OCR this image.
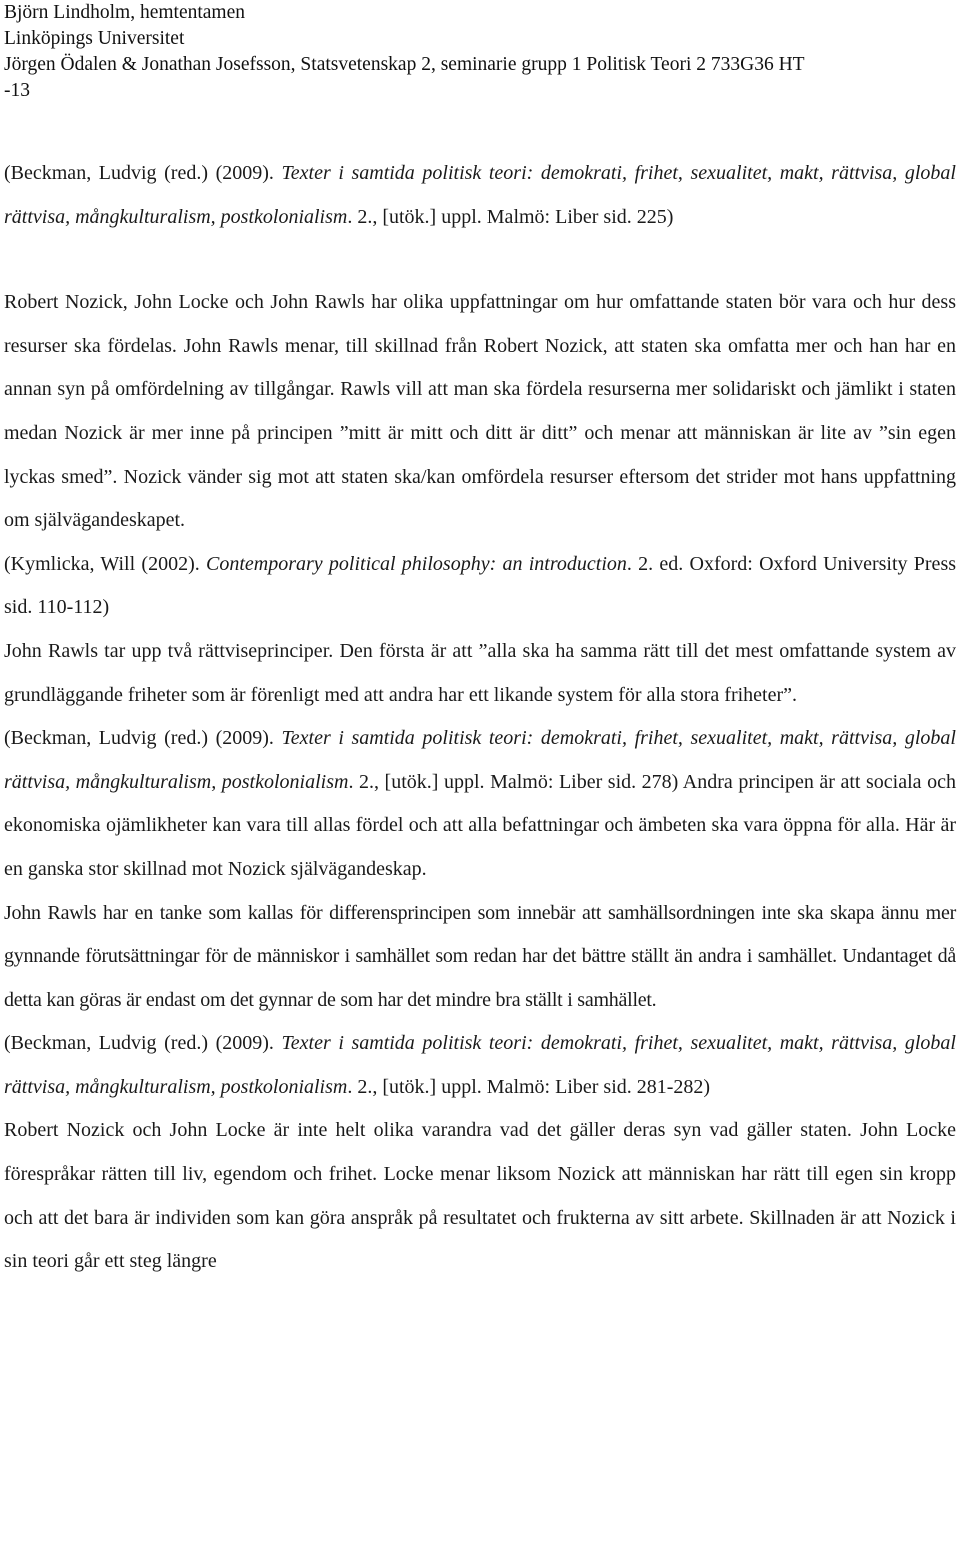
Björn Lindholm, hemtentamen
Linköpings Universitet
Jörgen Ödalen & Jonathan Josefsson, Statsvetenskap 2, seminarie grupp 1 Politisk Teori 2 733G36 HT
-13

(Beckman, Ludvig (red.) (2009). Texter i samtida politisk teori: demokrati, frihet, sexualitet, makt, rättvisa, global rättvisa, mångkulturalism, postkolonialism. 2., [utök.] uppl. Malmö: Liber sid. 225)

Robert Nozick, John Locke och John Rawls har olika uppfattningar om hur omfattande staten bör vara och hur dess resurser ska fördelas. John Rawls menar, till skillnad från Robert Nozick, att staten ska omfatta mer och han har en annan syn på omfördelning av tillgångar. Rawls vill att man ska fördela resurserna mer solidariskt och jämlikt i staten medan Nozick är mer inne på principen ”mitt är mitt och ditt är ditt” och menar att människan är lite av ”sin egen lyckas smed”. Nozick vänder sig mot att staten ska/kan omfördela resurser eftersom det strider mot hans uppfattning om självägandeskapet.

(Kymlicka, Will (2002). Contemporary political philosophy: an introduction. 2. ed. Oxford: Oxford University Press sid. 110-112)

John Rawls tar upp två rättviseprinciper. Den första är att ”alla ska ha samma rätt till det mest omfattande system av grundläggande friheter som är förenligt med att andra har ett likande system för alla stora friheter”.

(Beckman, Ludvig (red.) (2009). Texter i samtida politisk teori: demokrati, frihet, sexualitet, makt, rättvisa, global rättvisa, mångkulturalism, postkolonialism. 2., [utök.] uppl. Malmö: Liber sid. 278) Andra principen är att sociala och ekonomiska ojämlikheter kan vara till allas fördel och att alla befattningar och ämbeten ska vara öppna för alla. Här är en ganska stor skillnad mot Nozick självägandeskap.

John Rawls har en tanke som kallas för differensprincipen som innebär att samhällsordningen inte ska skapa ännu mer gynnande förutsättningar för de människor i samhället som redan har det bättre ställt än andra i samhället. Undantaget då detta kan göras är endast om det gynnar de som har det mindre bra ställt i samhället.

(Beckman, Ludvig (red.) (2009). Texter i samtida politisk teori: demokrati, frihet, sexualitet, makt, rättvisa, global rättvisa, mångkulturalism, postkolonialism. 2., [utök.] uppl. Malmö: Liber sid. 281-282)

Robert Nozick och John Locke är inte helt olika varandra vad det gäller deras syn vad gäller staten. John Locke förespråkar rätten till liv, egendom och frihet. Locke menar liksom Nozick att människan har rätt till egen sin kropp och att det bara är individen som kan göra anspråk på resultatet och frukterna av sitt arbete. Skillnaden är att Nozick i sin teori går ett steg längre
